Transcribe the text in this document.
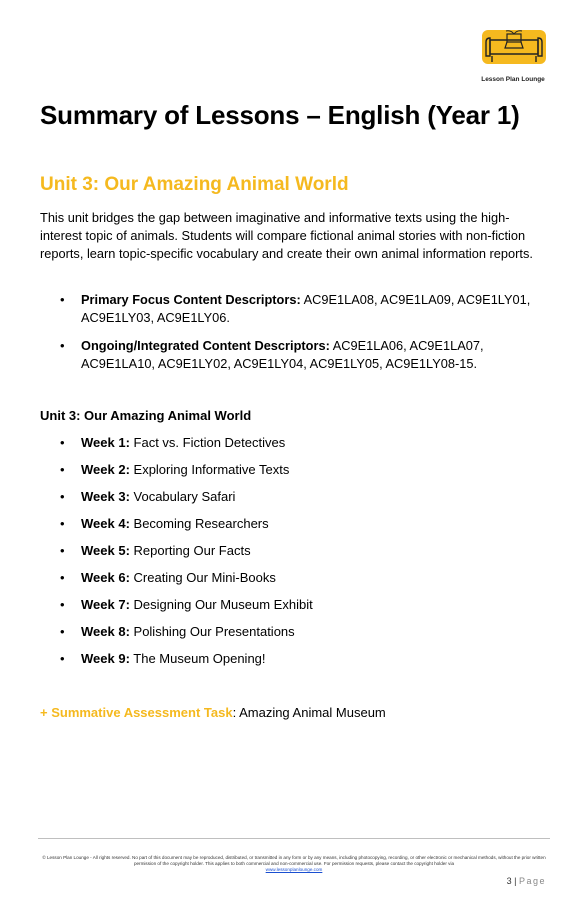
Lesson Plan Lounge
Summary of Lessons – English (Year 1)
Unit 3: Our Amazing Animal World

This unit bridges the gap between imaginative and informative texts using the high-interest topic of animals. Students will compare fictional animal stories with non-fiction reports, learn topic-specific vocabulary and create their own animal information reports.

• Primary Focus Content Descriptors: AC9E1LA08, AC9E1LA09, AC9E1LY01, AC9E1LY03, AC9E1LY06.
• Ongoing/Integrated Content Descriptors: AC9E1LA06, AC9E1LA07, AC9E1LA10, AC9E1LY02, AC9E1LY04, AC9E1LY05, AC9E1LY08-15.
Unit 3: Our Amazing Animal World
• Week 1: Fact vs. Fiction Detectives
• Week 2: Exploring Informative Texts
• Week 3: Vocabulary Safari
• Week 4: Becoming Researchers
• Week 5: Reporting Our Facts
• Week 6: Creating Our Mini-Books
• Week 7: Designing Our Museum Exhibit
• Week 8: Polishing Our Presentations
• Week 9: The Museum Opening!
+ Summative Assessment Task: Amazing Animal Museum
© Lesson Plan Lounge - All rights reserved. No part of this document may be reproduced, distributed, or transmitted in any form or by any means, including photocopying, recording, or other electronic or mechanical methods, without the prior written permission of the copyright holder. This applies to both commercial and non-commercial use. For permission requests, please contact the copyright holder via
www.lessonplanlounge.com
3 | Page
